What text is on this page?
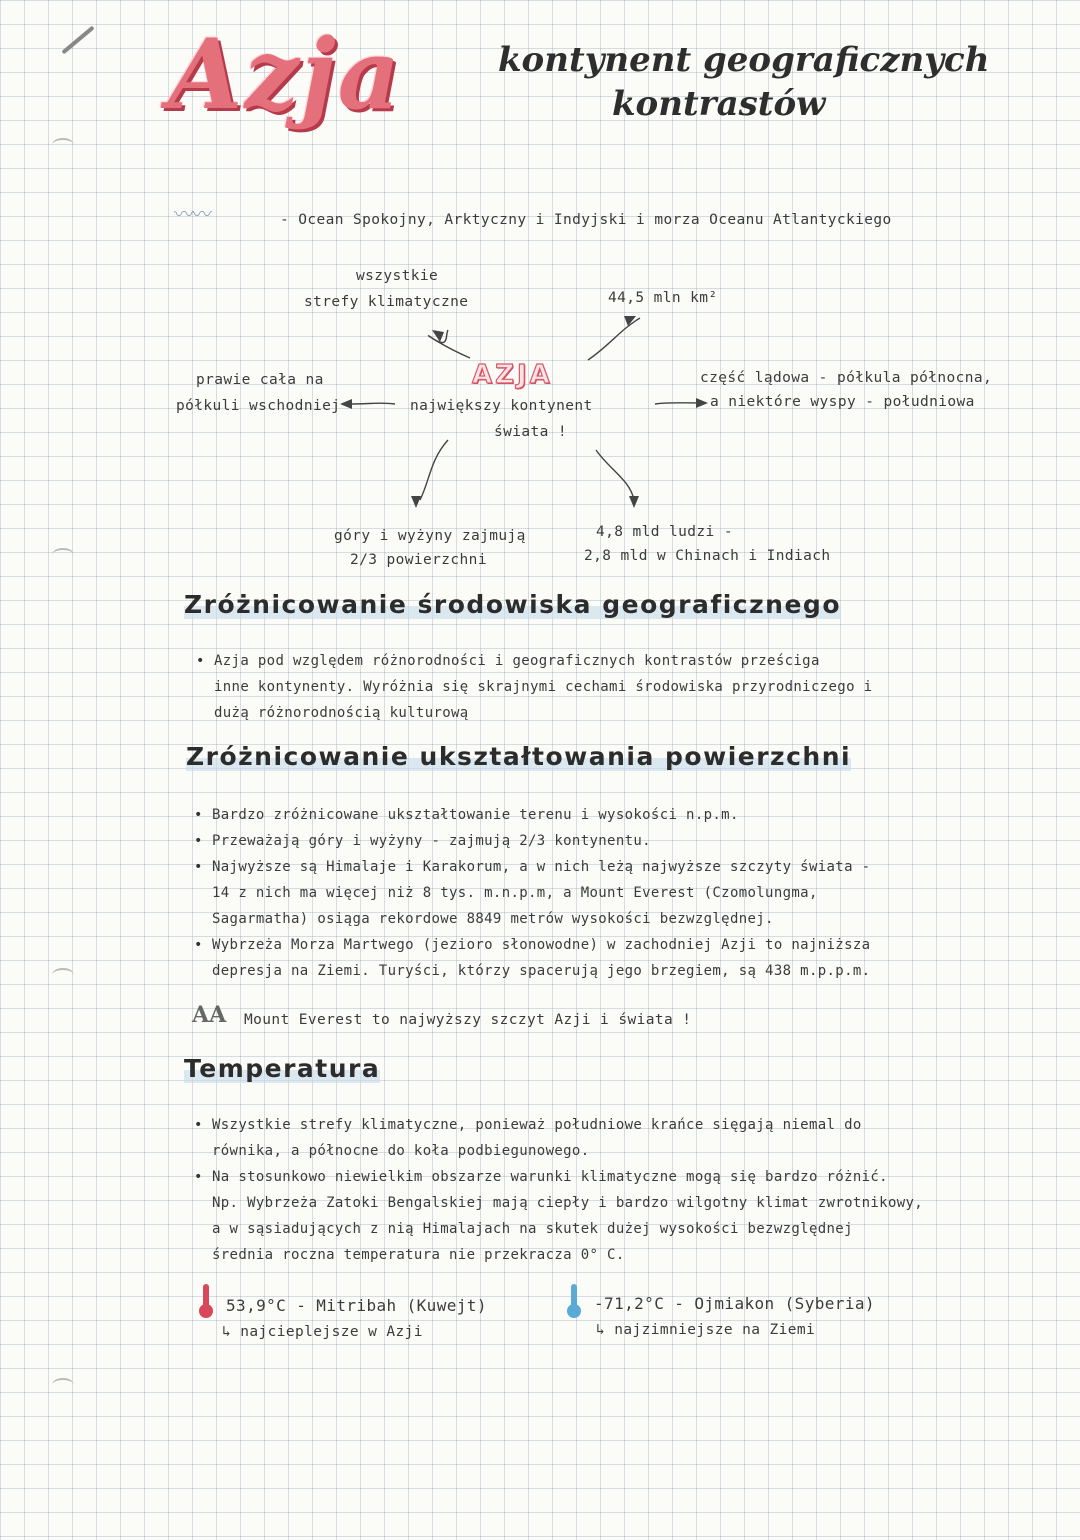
Azja	kontynent geograficznych
kontrastów
〰〰	- Ocean Spokojny, Arktyczny i Indyjski i morza Oceanu Atlantyckiego
wszystkie
strefy klimatyczne	44,5 mln km²
AZJA
prawie cała na
półkuli wschodniej	największy kontynent
świata !
część lądowa - półkula północna,
a niektóre wyspy - południowa
góry i wyżyny zajmują
2/3 powierzchni
4,8 mld ludzi -
2,8 mld w Chinach i Indiach
Zróżnicowanie środowiska geograficznego
• Azja pod względem różnorodności i geograficznych kontrastów prześciga
inne kontynenty. Wyróżnia się skrajnymi cechami środowiska przyrodniczego i
dużą różnorodnością kulturową
Zróżnicowanie ukształtowania powierzchni
• Bardzo zróżnicowane ukształtowanie terenu i wysokości n.p.m.
• Przeważają góry i wyżyny - zajmują 2/3 kontynentu.
• Najwyższe są Himalaje i Karakorum, a w nich leżą najwyższe szczyty świata -
14 z nich ma więcej niż 8 tys. m.n.p.m, a Mount Everest (Czomolungma,
Sagarmatha) osiąga rekordowe 8849 metrów wysokości bezwzględnej.
• Wybrzeża Morza Martwego (jezioro słonowodne) w zachodniej Azji to najniższa
depresja na Ziemi. Turyści, którzy spacerują jego brzegiem, są 438 m.p.p.m.
AA Mount Everest to najwyższy szczyt Azji i świata !
Temperatura
• Wszystkie strefy klimatyczne, ponieważ południowe krańce sięgają niemal do
równika, a północne do koła podbiegunowego.
• Na stosunkowo niewielkim obszarze warunki klimatyczne mogą się bardzo różnić.
Np. Wybrzeża Zatoki Bengalskiej mają ciepły i bardzo wilgotny klimat zwrotnikowy,
a w sąsiadujących z nią Himalajach na skutek dużej wysokości bezwzględnej
średnia roczna temperatura nie przekracza 0° C.
53,9°C - Mitribah (Kuwejt)
↳ najcieplejsze w Azji
-71,2°C - Ojmiakon (Syberia)
↳ najzimniejsze na Ziemi
